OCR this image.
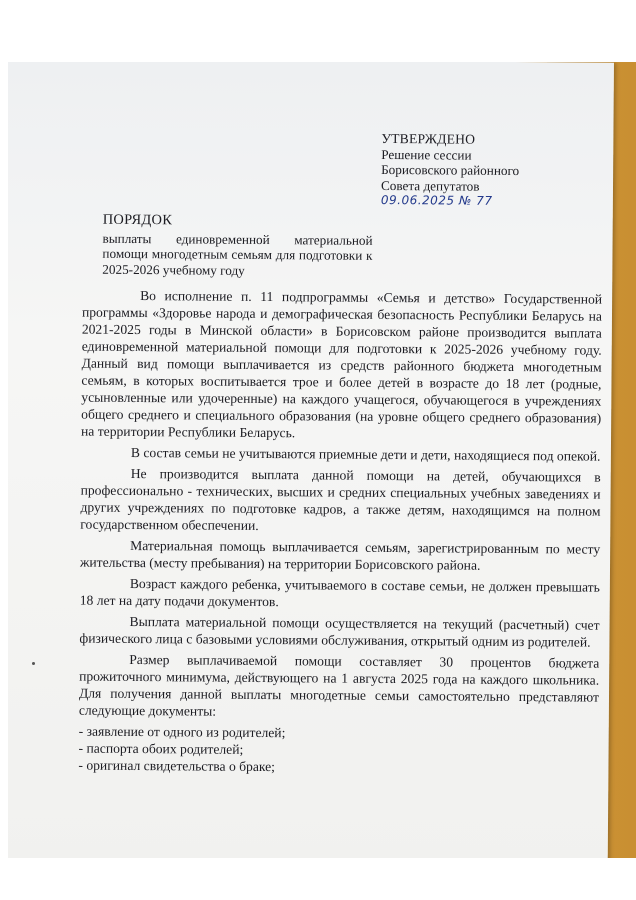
УТВЕРЖДЕНО
Решение сессии
Борисовского районного
Совета депутатов
09.06.2025 № 77
ПОРЯДОК
выплаты единовременной материальной помощи многодетным семьям для подготовки к 2025-2026 учебному году

Во исполнение п. 11 подпрограммы «Семья и детство» Государственной программы «Здоровье народа и демографическая безопасность Республики Беларусь на 2021-2025 годы в Минской области» в Борисовском районе производится выплата единовременной материальной помощи для подготовки к 2025-2026 учебному году. Данный вид помощи выплачивается из средств районного бюджета многодетным семьям, в которых воспитывается трое и более детей в возрасте до 18 лет (родные, усыновленные или удочеренные) на каждого учащегося, обучающегося в учреждениях общего среднего и специального образования (на уровне общего среднего образования) на территории Республики Беларусь.

В состав семьи не учитываются приемные дети и дети, находящиеся под опекой.

Не производится выплата данной помощи на детей, обучающихся в профессионально - технических, высших и средних специальных учебных заведениях и других учреждениях по подготовке кадров, а также детям, находящимся на полном государственном обеспечении.

Материальная помощь выплачивается семьям, зарегистрированным по месту жительства (месту пребывания) на территории Борисовского района.

Возраст каждого ребенка, учитываемого в составе семьи, не должен превышать 18 лет на дату подачи документов.

Выплата материальной помощи осуществляется на текущий (расчетный) счет физического лица с базовыми условиями обслуживания, открытый одним из родителей.

Размер выплачиваемой помощи составляет 30 процентов бюджета прожиточного минимума, действующего на 1 августа 2025 года на каждого школьника. Для получения данной выплаты многодетные семьи самостоятельно представляют следующие документы:

- заявление от одного из родителей;
- паспорта обоих родителей;
- оригинал свидетельства о браке;
